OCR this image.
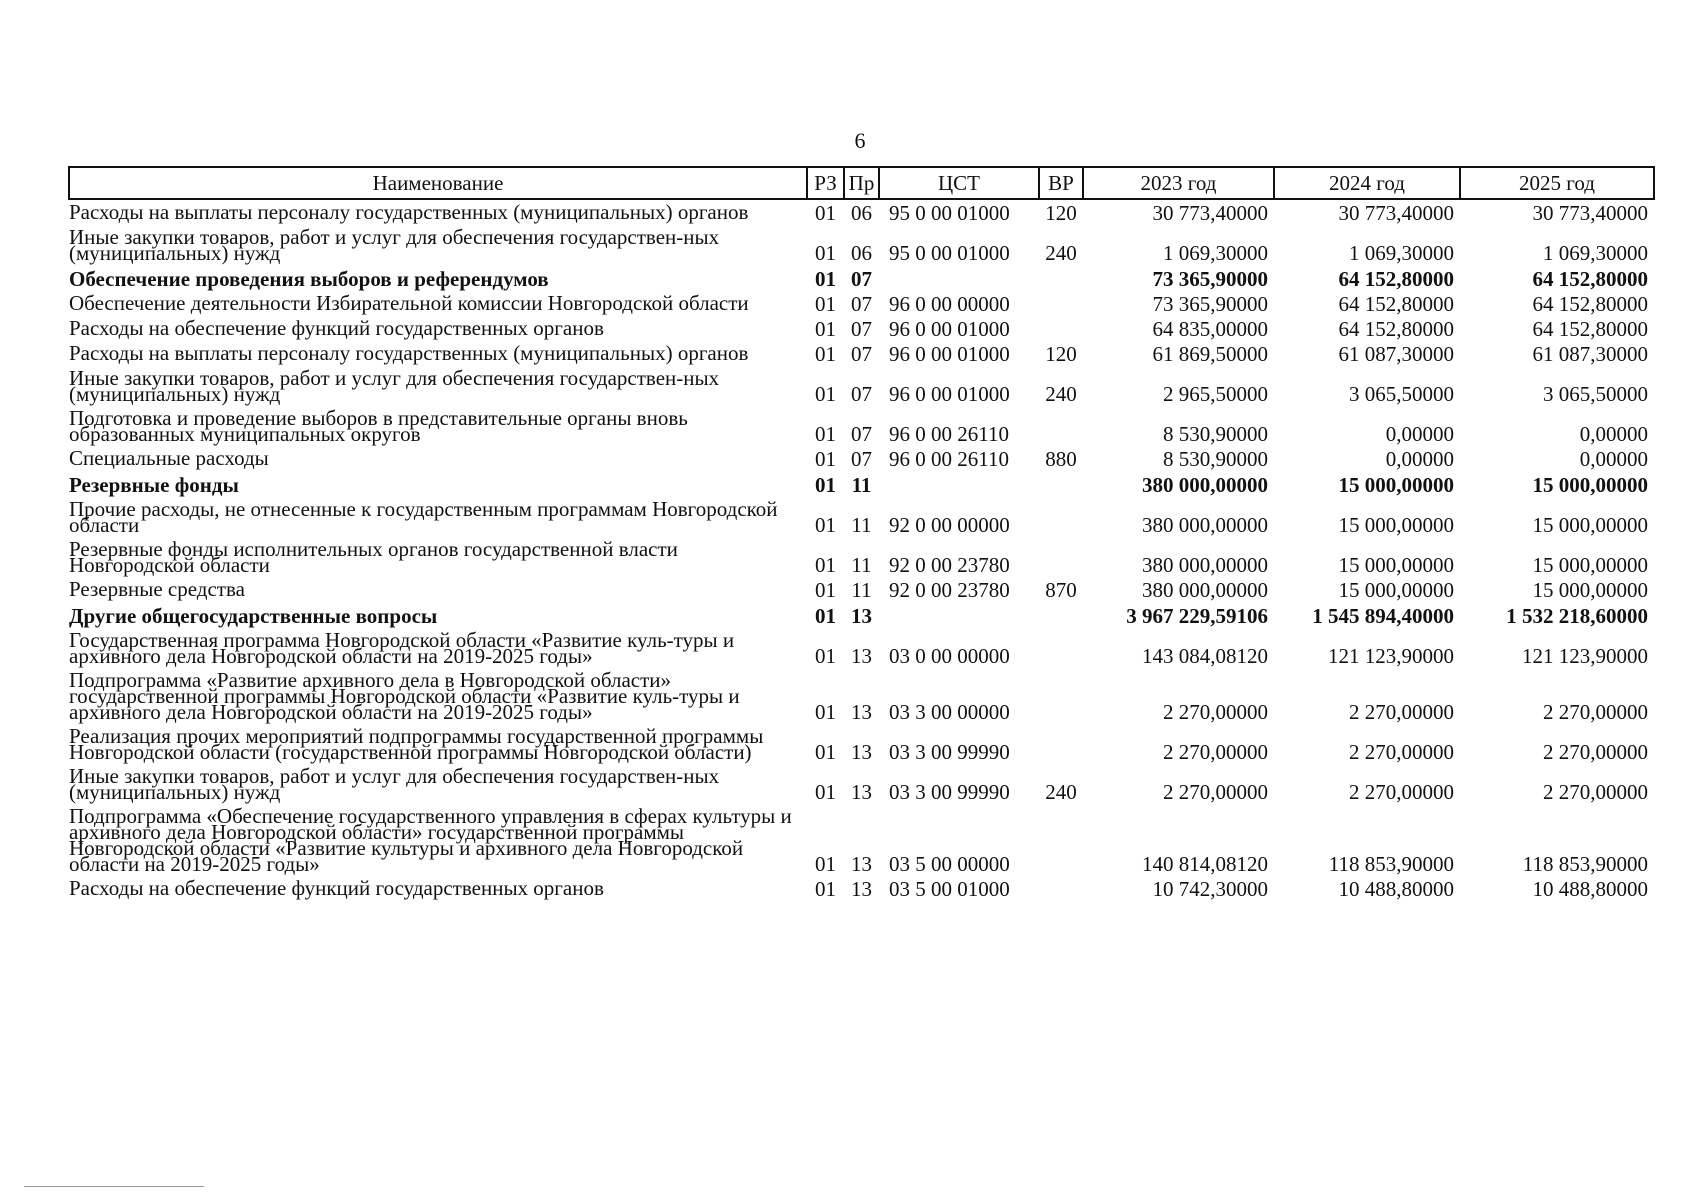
6
Наименование	РЗ	Пр	ЦСТ	ВР	2023 год	2024 год	2025 год
Расходы на выплаты персоналу государственных (муниципальных) органов	01	06	95 0 00 01000	120	30 773,40000	30 773,40000	30 773,40000
Иные закупки товаров, работ и услуг для обеспечения государствен-ных (муниципальных) нужд	01	06	95 0 00 01000	240	1 069,30000	1 069,30000	1 069,30000
Обеспечение проведения выборов и референдумов	01	07			73 365,90000	64 152,80000	64 152,80000
Обеспечение деятельности Избирательной комиссии Новгородской области	01	07	96 0 00 00000		73 365,90000	64 152,80000	64 152,80000
Расходы на обеспечение функций государственных органов	01	07	96 0 00 01000		64 835,00000	64 152,80000	64 152,80000
Расходы на выплаты персоналу государственных (муниципальных) органов	01	07	96 0 00 01000	120	61 869,50000	61 087,30000	61 087,30000
Иные закупки товаров, работ и услуг для обеспечения государствен-ных (муниципальных) нужд	01	07	96 0 00 01000	240	2 965,50000	3 065,50000	3 065,50000
Подготовка и проведение выборов в представительные органы вновь образованных муниципальных округов	01	07	96 0 00 26110		8 530,90000	0,00000	0,00000
Специальные расходы	01	07	96 0 00 26110	880	8 530,90000	0,00000	0,00000
Резервные фонды	01	11			380 000,00000	15 000,00000	15 000,00000
Прочие расходы, не отнесенные к государственным программам Новгородской области	01	11	92 0 00 00000		380 000,00000	15 000,00000	15 000,00000
Резервные фонды исполнительных органов государственной власти Новгородской области	01	11	92 0 00 23780		380 000,00000	15 000,00000	15 000,00000
Резервные средства	01	11	92 0 00 23780	870	380 000,00000	15 000,00000	15 000,00000
Другие общегосударственные вопросы	01	13			3 967 229,59106	1 545 894,40000	1 532 218,60000
Государственная программа Новгородской области «Развитие куль-туры и архивного дела Новгородской области на 2019-2025 годы»	01	13	03 0 00 00000		143 084,08120	121 123,90000	121 123,90000
Подпрограмма «Развитие архивного дела в Новгородской области» государственной программы Новгородской области «Развитие куль-туры и архивного дела Новгородской области на 2019-2025 годы»	01	13	03 3 00 00000		2 270,00000	2 270,00000	2 270,00000
Реализация прочих мероприятий подпрограммы государственной программы Новгородской области (государственной программы Новгородской области)	01	13	03 3 00 99990		2 270,00000	2 270,00000	2 270,00000
Иные закупки товаров, работ и услуг для обеспечения государствен-ных (муниципальных) нужд	01	13	03 3 00 99990	240	2 270,00000	2 270,00000	2 270,00000
Подпрограмма «Обеспечение государственного управления в сферах культуры и архивного дела Новгородской области» государственной программы Новгородской области «Развитие культуры и архивного дела Новгородской области на 2019-2025 годы»	01	13	03 5 00 00000		140 814,08120	118 853,90000	118 853,90000
Расходы на обеспечение функций государственных органов	01	13	03 5 00 01000		10 742,30000	10 488,80000	10 488,80000
